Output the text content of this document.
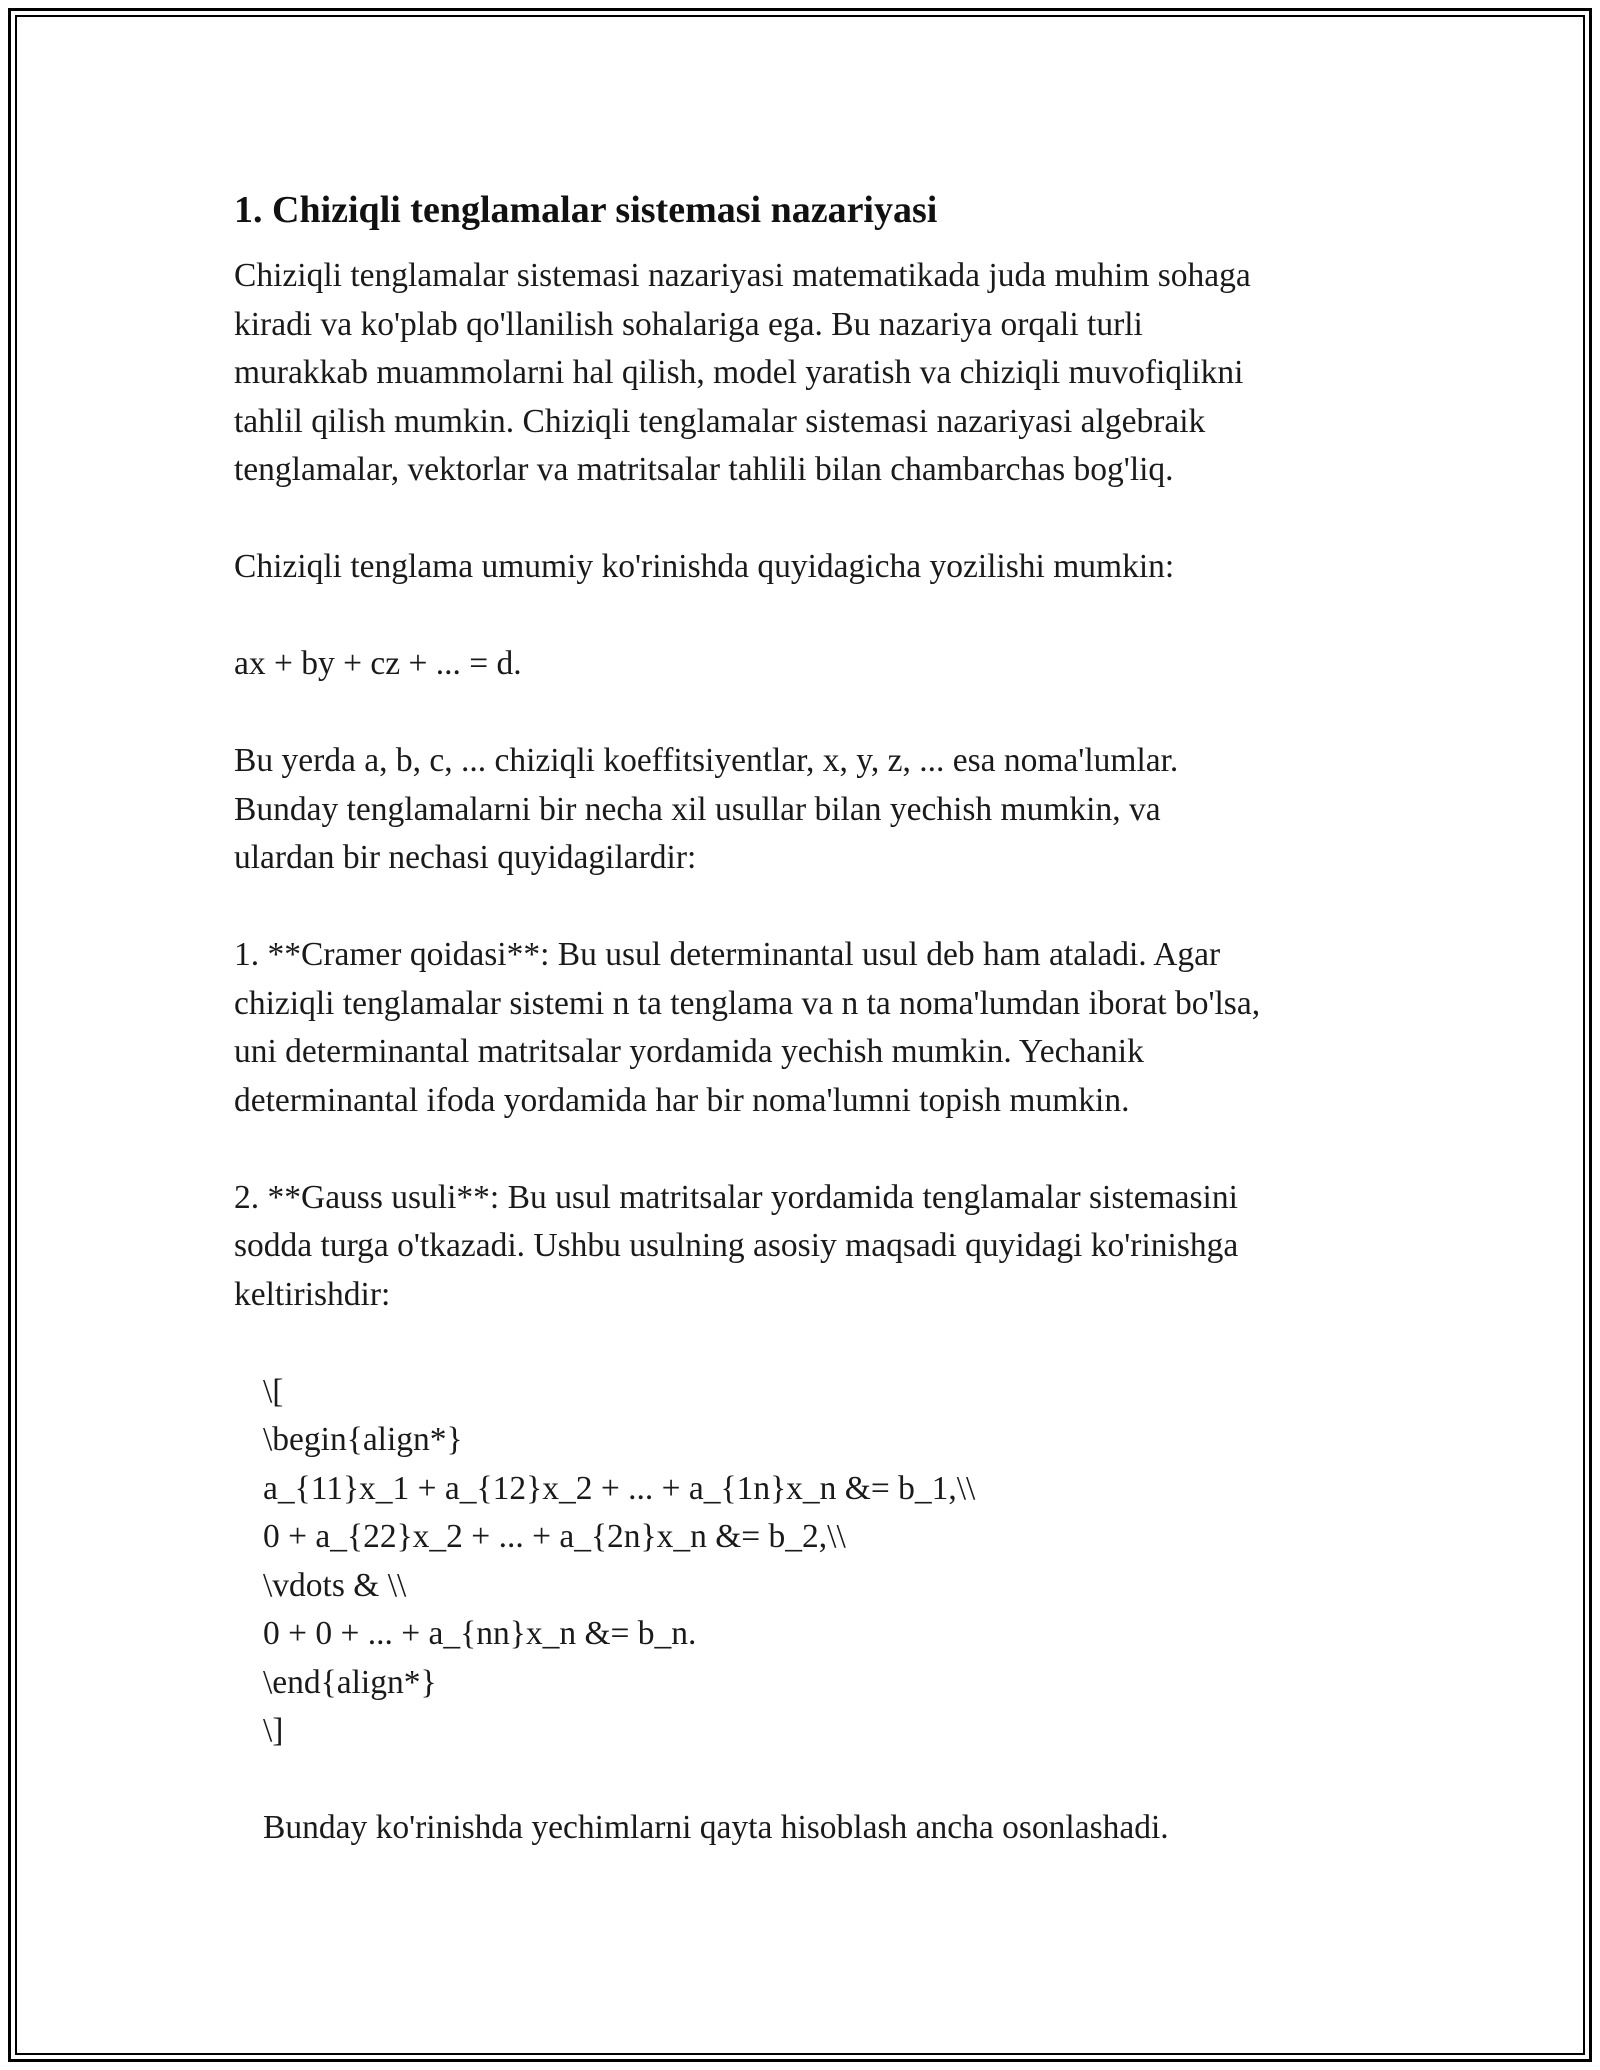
1. Chiziqli tenglamalar sistemasi nazariyasi

Chiziqli tenglamalar sistemasi nazariyasi matematikada juda muhim sohaga
kiradi va ko'plab qo'llanilish sohalariga ega. Bu nazariya orqali turli
murakkab muammolarni hal qilish, model yaratish va chiziqli muvofiqlikni
tahlil qilish mumkin. Chiziqli tenglamalar sistemasi nazariyasi algebraik
tenglamalar, vektorlar va matritsalar tahlili bilan chambarchas bog'liq.

Chiziqli tenglama umumiy ko'rinishda quyidagicha yozilishi mumkin:

ax + by + cz + ... = d.

Bu yerda a, b, c, ... chiziqli koeffitsiyentlar, x, y, z, ... esa noma'lumlar.
Bunday tenglamalarni bir necha xil usullar bilan yechish mumkin, va
ulardan bir nechasi quyidagilardir:

1. **Cramer qoidasi**: Bu usul determinantal usul deb ham ataladi. Agar
chiziqli tenglamalar sistemi n ta tenglama va n ta noma'lumdan iborat bo'lsa,
uni determinantal matritsalar yordamida yechish mumkin. Yechanik
determinantal ifoda yordamida har bir noma'lumni topish mumkin.

2. **Gauss usuli**: Bu usul matritsalar yordamida tenglamalar sistemasini
sodda turga o'tkazadi. Ushbu usulning asosiy maqsadi quyidagi ko'rinishga
keltirishdir:

\[
\begin{align*}
a_{11}x_1 + a_{12}x_2 + ... + a_{1n}x_n &= b_1,\\
0 + a_{22}x_2 + ... + a_{2n}x_n &= b_2,\\
\vdots & \\
0 + 0 + ... + a_{nn}x_n &= b_n.
\end{align*}
\]

Bunday ko'rinishda yechimlarni qayta hisoblash ancha osonlashadi.
